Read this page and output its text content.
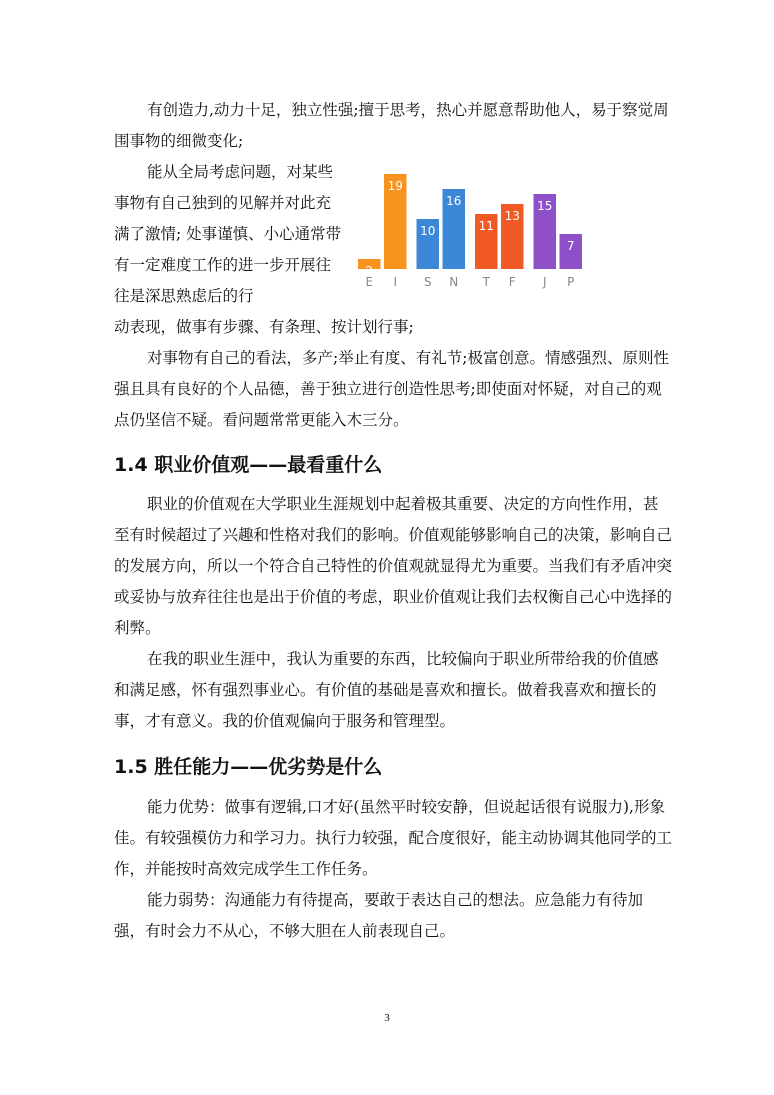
有创造力,动力十足，独立性强;擅于思考，热心并愿意帮助他人，易于察觉周围事物的细微变化;

能从全局考虑问题，对某些事物有自己独到的见解并对此充满了激情; 处事谨慎、小心通常带有一定难度工作的进一步开展往往是深思熟虑后的行

2
E
19
I
10
S
16
N
11
T
13
F
15
J
7
P

动表现，做事有步骤、有条理、按计划行事;

对事物有自己的看法，多产;举止有度、有礼节;极富创意。情感强烈、原则性强且具有良好的个人品德，善于独立进行创造性思考;即使面对怀疑，对自己的观点仍坚信不疑。看问题常常更能入木三分。

1.4 职业价值观——最看重什么

职业的价值观在大学职业生涯规划中起着极其重要、决定的方向性作用，甚至有时候超过了兴趣和性格对我们的影响。价值观能够影响自己的决策，影响自己的发展方向，所以一个符合自己特性的价值观就显得尤为重要。当我们有矛盾冲突或妥协与放弃往往也是出于价值的考虑，职业价值观让我们去权衡自己心中选择的利弊。

在我的职业生涯中，我认为重要的东西，比较偏向于职业所带给我的价值感和满足感，怀有强烈事业心。有价值的基础是喜欢和擅长。做着我喜欢和擅长的事，才有意义。我的价值观偏向于服务和管理型。

1.5 胜任能力——优劣势是什么

能力优势：做事有逻辑,口才好(虽然平时较安静，但说起话很有说服力),形象佳。有较强模仿力和学习力。执行力较强，配合度很好，能主动协调其他同学的工作，并能按时高效完成学生工作任务。

能力弱势：沟通能力有待提高，要敢于表达自己的想法。应急能力有待加强，有时会力不从心，不够大胆在人前表现自己。

3
